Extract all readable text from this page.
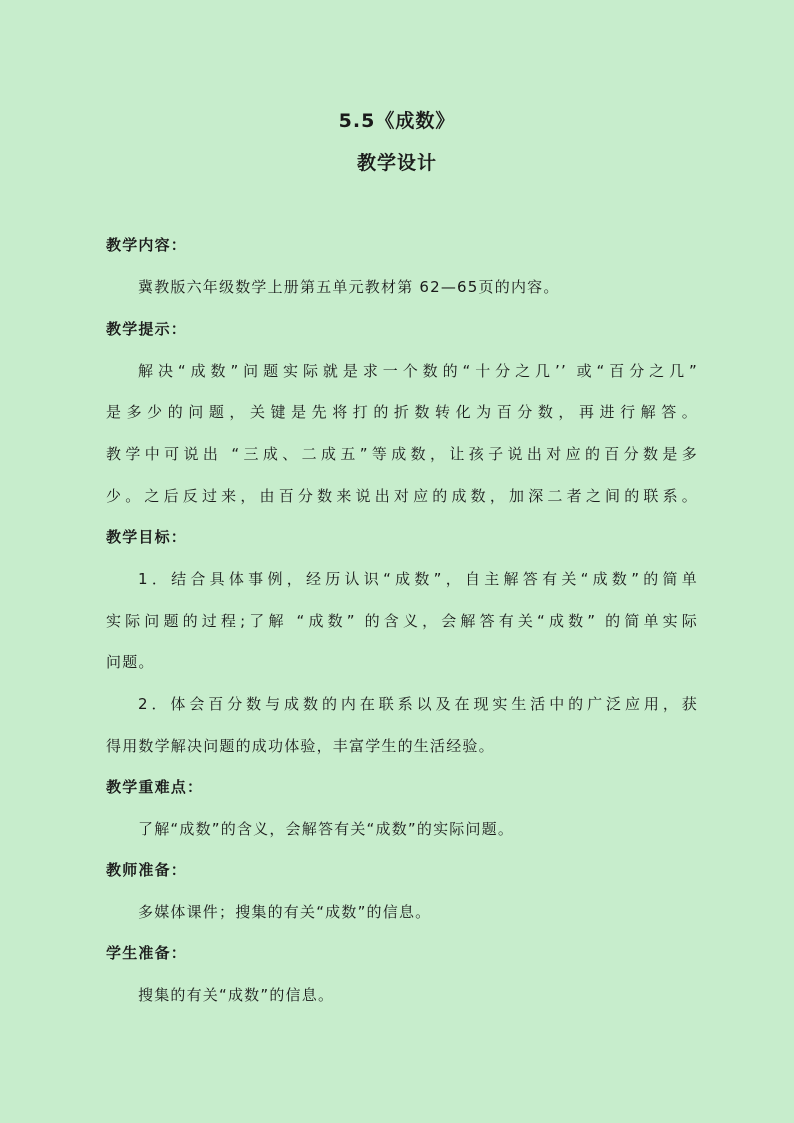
5.5《成数》
教学设计
教学内容：
冀教版六年级数学上册第五单元教材第 62—65页的内容。
教学提示：
解决“成数”问题实际就是求一个数的“十分之几’’ 或“百分之几”
是多少的问题，关键是先将打的折数转化为百分数，再进行解答。
教学中可说出 “三成、二成五”等成数，让孩子说出对应的百分数是多
少。之后反过来，由百分数来说出对应的成数，加深二者之间的联系。
教学目标：
1．结合具体事例，经历认识“成数”，自主解答有关“成数”的简单
实际问题的过程;了解 “成数” 的含义，会解答有关“成数” 的简单实际
问题。
2．体会百分数与成数的内在联系以及在现实生活中的广泛应用，获
得用数学解决问题的成功体验，丰富学生的生活经验。
教学重难点：
了解“成数”的含义，会解答有关“成数”的实际问题。
教师准备：
多媒体课件；搜集的有关“成数”的信息。
学生准备：
搜集的有关“成数”的信息。
